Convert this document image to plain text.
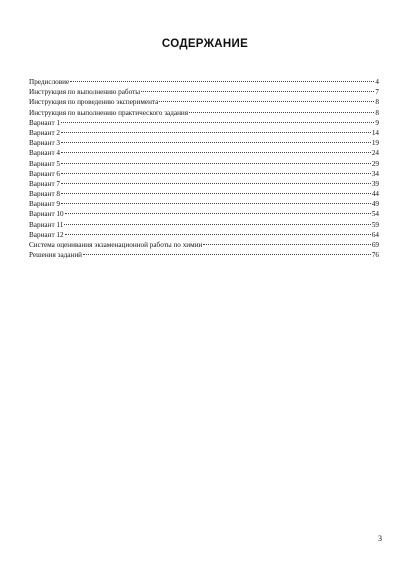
СОДЕРЖАНИЕ
Предисловие	4
Инструкция по выполнению работы	7
Инструкция по проведению эксперимента	8
Инструкция по выполнению практического задания	8
Вариант 1	9
Вариант 2	14
Вариант 3	19
Вариант 4	24
Вариант 5	29
Вариант 6	34
Вариант 7	39
Вариант 8	44
Вариант 9	49
Вариант 10	54
Вариант 11	59
Вариант 12	64
Система оценивания экзаменационной работы по химии	69
Решения заданий	76
3
